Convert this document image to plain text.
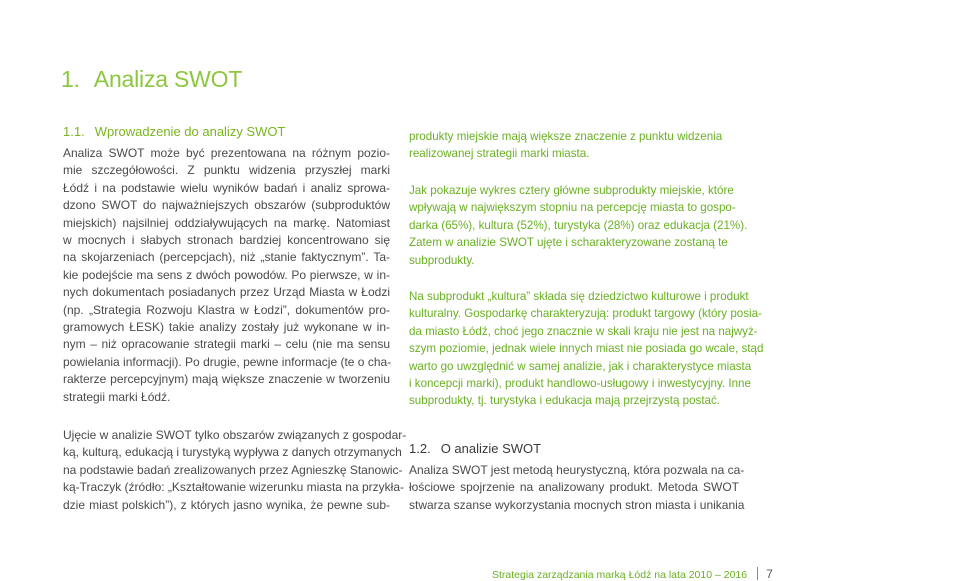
1. Analiza SWOT
1.1. Wprowadzenie do analizy SWOT
Analiza SWOT może być prezentowana na różnym pozio-
mie szczegółowości. Z punktu widzenia przyszłej marki
Łódź i na podstawie wielu wyników badań i analiz sprowa-
dzono SWOT do najważniejszych obszarów (subproduktów
miejskich) najsilniej oddziaływujących na markę. Natomiast
w mocnych i słabych stronach bardziej koncentrowano się
na skojarzeniach (percepcjach), niż „stanie faktycznym”. Ta-
kie podejście ma sens z dwóch powodów. Po pierwsze, w in-
nych dokumentach posiadanych przez Urząd Miasta w Łodzi
(np. „Strategia Rozwoju Klastra w Łodzi”, dokumentów pro-
gramowych ŁESK) takie analizy zostały już wykonane w in-
nym – niż opracowanie strategii marki – celu (nie ma sensu
powielania informacji). Po drugie, pewne informacje (te o cha-
rakterze percepcyjnym) mają większe znaczenie w tworzeniu
strategii marki Łódź.
Ujęcie w analizie SWOT tylko obszarów związanych z gospodar-
ką, kulturą, edukacją i turystyką wypływa z danych otrzymanych
na podstawie badań zrealizowanych przez Agnieszkę Stanowic-
ką-Traczyk (źródło: „Kształtowanie wizerunku miasta na przykła-
dzie miast polskich”), z których jasno wynika, że pewne sub-
produkty miejskie mają większe znaczenie z punktu widzenia
realizowanej strategii marki miasta.
Jak pokazuje wykres cztery główne subprodukty miejskie, które
wpływają w największym stopniu na percepcję miasta to gospo-
darka (65%), kultura (52%), turystyka (28%) oraz edukacja (21%).
Zatem w analizie SWOT ujęte i scharakteryzowane zostaną te
subprodukty.
Na subprodukt „kultura” składa się dziedzictwo kulturowe i produkt
kulturalny. Gospodarkę charakteryzują: produkt targowy (który posia-
da miasto Łódź, choć jego znacznie w skali kraju nie jest na najwyż-
szym poziomie, jednak wiele innych miast nie posiada go wcale, stąd
warto go uwzględnić w samej analizie, jak i charakterystyce miasta
i koncepcji marki), produkt handlowo-usługowy i inwestycyjny. Inne
subprodukty, tj. turystyka i edukacja mają przejrzystą postać.
1.2. O analizie SWOT
Analiza SWOT jest metodą heurystyczną, która pozwala na ca-
łościowe spojrzenie na analizowany produkt. Metoda SWOT
stwarza szanse wykorzystania mocnych stron miasta i unikania
Strategia zarządzania marką Łódź na lata 2010 – 2016 7
